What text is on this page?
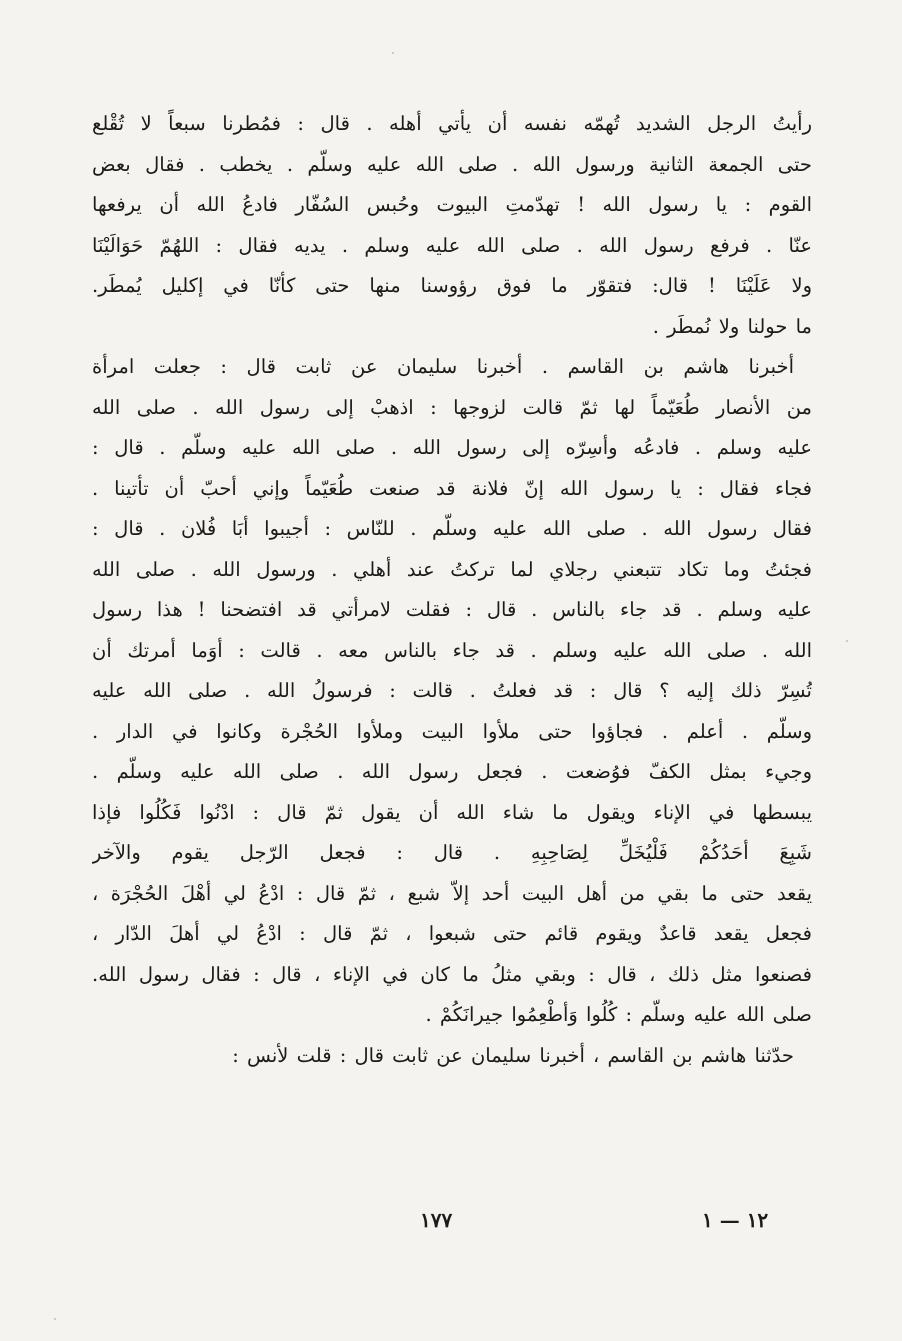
رأيتُ الرجل الشديد تُهمّه نفسه أن يأتي أهله . قال : فمُطرنا سبعاً لا تُقْلع
حتى الجمعة الثانية ورسول الله . صلى الله عليه وسلّم . يخطب . فقال بعض
القوم : يا رسول الله ! تهدّمتِ البيوت وحُبس السُفّار فادعُ الله أن يرفعها
عنّا . فرفع رسول الله . صلى الله عليه وسلم . يديه فقال : اللهُمّ حَوَالَيْنَا
ولا عَلَيْنَا ! قال: فتقوّر ما فوق رؤوسنا منها حتى كأنّا في إكليل يُمطَر.
ما حولنا ولا نُمطَر .

أخبرنا هاشم بن القاسم . أخبرنا سليمان عن ثابت قال : جعلت امرأة
من الأنصار طُعَيّماً لها ثمّ قالت لزوجها : اذهبْ إلى رسول الله . صلى الله
عليه وسلم . فادعُه وأسِرّه إلى رسول الله . صلى الله عليه وسلّم . قال :
فجاء فقال : يا رسول الله إنّ فلانة قد صنعت طُعَيّماً وإني أحبّ أن تأتينا .
فقال رسول الله . صلى الله عليه وسلّم . للنّاس : أجيبوا أبَا فُلان . قال :
فجئتُ وما تكاد تتبعني رجلاي لما تركتُ عند أهلي . ورسول الله . صلى الله
عليه وسلم . قد جاء بالناس . قال : فقلت لامرأتي قد افتضحنا ! هذا رسول
الله . صلى الله عليه وسلم . قد جاء بالناس معه . قالت : أوَما أمرتك أن
تُسِرّ ذلك إليه ؟ قال : قد فعلتُ . قالت : فرسولُ الله . صلى الله عليه
وسلّم . أعلم . فجاؤوا حتى ملأوا البيت وملأوا الحُجْرة وكانوا في الدار .
وجيء بمثل الكفّ فوُضعت . فجعل رسول الله . صلى الله عليه وسلّم .
يبسطها في الإناء ويقول ما شاء الله أن يقول ثمّ قال : ادْنُوا فَكُلُوا فإذا
شَبِعَ أحَدُكُمْ فَلْيُخَلِّ لِصَاحِبِهِ . قال : فجعل الرّجل يقوم والآخر
يقعد حتى ما بقي من أهل البيت أحد إلاّ شبع ، ثمّ قال : ادْعُ لي أهْلَ الحُجْرَة ،
فجعل يقعد قاعدٌ ويقوم قائم حتى شبعوا ، ثمّ قال : ادْعُ لي أهلَ الدّار ،
فصنعوا مثل ذلك ، قال : وبقي مثلُ ما كان في الإناء ، قال : فقال رسول الله.
صلى الله عليه وسلّم : كُلُوا وَأطْعِمُوا جيرانَكُمْ .

حدّثنا هاشم بن القاسم ، أخبرنا سليمان عن ثابت قال : قلت لأنس :

١٢ — ١
١٧٧
